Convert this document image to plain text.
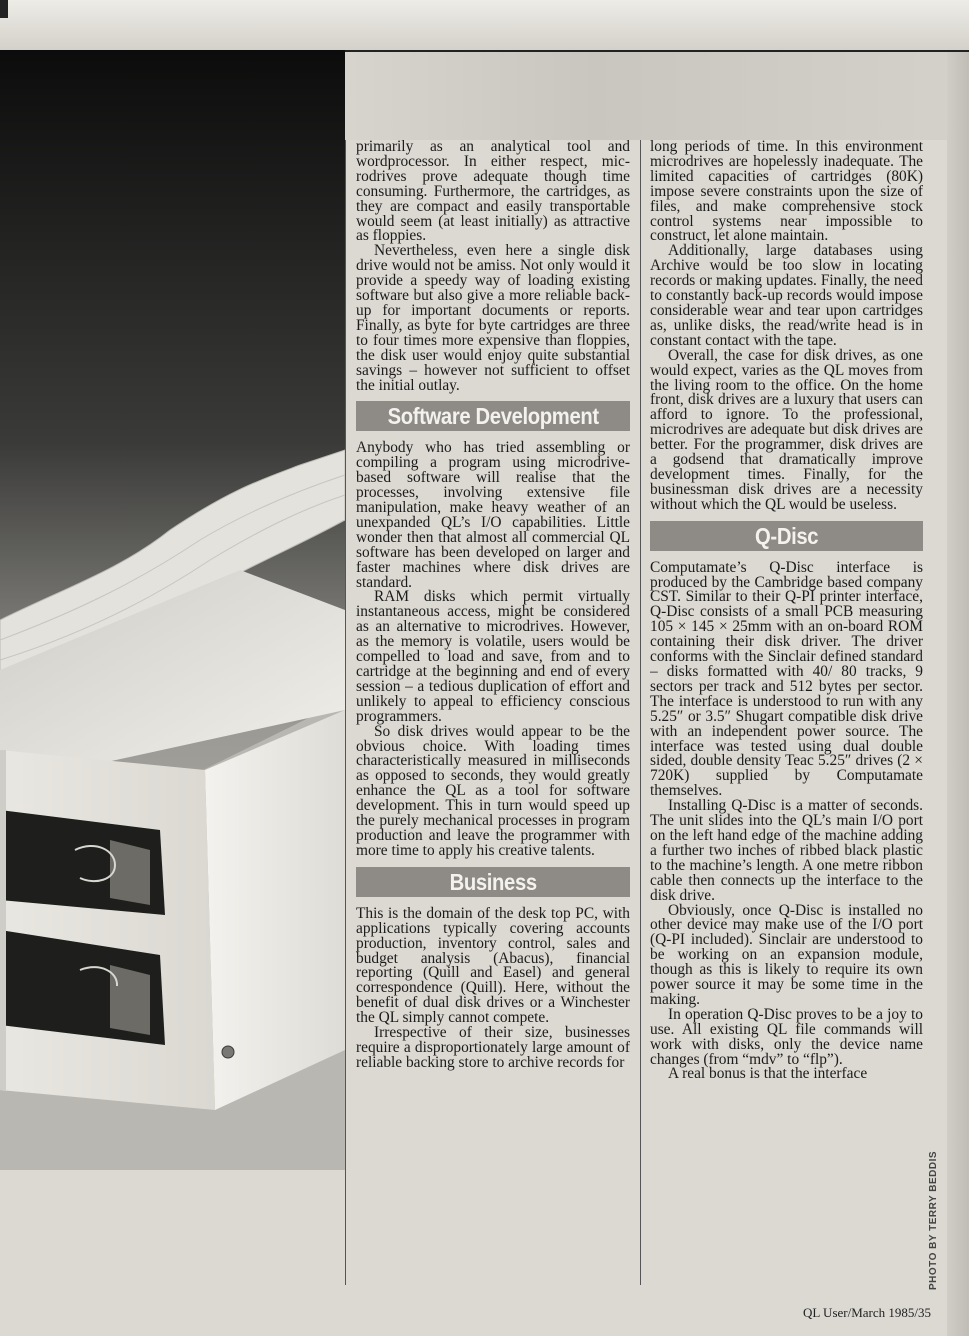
primarily as an analytical tool and wordprocessor. In either respect, microdrives prove adequate though time consuming. Furthermore, the cartridges, as they are compact and easily transportable would seem (at least initially) as attractive as floppies.

Nevertheless, even here a single disk drive would not be amiss. Not only would it provide a speedy way of loading existing software but also give a more reliable back-up for important documents or reports. Finally, as byte for byte cartridges are three to four times more expensive than floppies, the disk user would enjoy quite substantial savings – however not sufficient to offset the initial outlay.

Software Development

Anybody who has tried assembling or compiling a program using microdrive-based software will realise that the processes, involving extensive file manipulation, make heavy weather of an unexpanded QL’s I/O capabilities. Little wonder then that almost all commercial QL software has been developed on larger and faster machines where disk drives are standard.

RAM disks which permit virtually instantaneous access, might be considered as an alternative to microdrives. However, as the memory is volatile, users would be compelled to load and save, from and to cartridge at the beginning and end of every session – a tedious duplication of effort and unlikely to appeal to efficiency conscious programmers.

So disk drives would appear to be the obvious choice. With loading times characteristically measured in milliseconds as opposed to seconds, they would greatly enhance the QL as a tool for software development. This in turn would speed up the purely mechanical processes in program production and leave the programmer with more time to apply his creative talents.

Business

This is the domain of the desk top PC, with applications typically covering accounts production, inventory control, sales and budget analysis (Abacus), financial reporting (Quill and Easel) and general correspondence (Quill). Here, without the benefit of dual disk drives or a Winchester the QL simply cannot compete.

Irrespective of their size, businesses require a disproportionately large amount of reliable backing store to archive records for

long periods of time. In this environment microdrives are hopelessly inadequate. The limited capacities of cartridges (80K) impose severe constraints upon the size of files, and make comprehensive stock control systems near impossible to construct, let alone maintain.

Additionally, large databases using Archive would be too slow in locating records or making updates. Finally, the need to constantly back-up records would impose considerable wear and tear upon cartridges as, unlike disks, the read/write head is in constant contact with the tape.

Overall, the case for disk drives, as one would expect, varies as the QL moves from the living room to the office. On the home front, disk drives are a luxury that users can afford to ignore. To the professional, microdrives are adequate but disk drives are better. For the programmer, disk drives are a godsend that dramatically improve development times. Finally, for the businessman disk drives are a necessity without which the QL would be useless.

Q-Disc

Computamate’s Q-Disc interface is produced by the Cambridge based company CST. Similar to their Q-PI printer interface, Q-Disc consists of a small PCB measuring 105 × 145 × 25mm with an on-board ROM containing their disk driver. The driver conforms with the Sinclair defined standard – disks formatted with 40/ 80 tracks, 9 sectors per track and 512 bytes per sector. The interface is understood to run with any 5.25″ or 3.5″ Shugart compatible disk drive with an independent power source. The interface was tested using dual double sided, double density Teac 5.25″ drives (2 × 720K) supplied by Computamate themselves.

Installing Q-Disc is a matter of seconds. The unit slides into the QL’s main I/O port on the left hand edge of the machine adding a further two inches of ribbed black plastic to the machine’s length. A one metre ribbon cable then connects up the interface to the disk drive.

Obviously, once Q-Disc is installed no other device may make use of the I/O port (Q-PI included). Sinclair are understood to be working on an expansion module, though as this is likely to require its own power source it may be some time in the making.

In operation Q-Disc proves to be a joy to use. All existing QL file commands will work with disks, only the device name changes (from “mdv” to “flp”).

A real bonus is that the interface

PHOTO BY TERRY BEDDIS
QL User/March 1985/35
